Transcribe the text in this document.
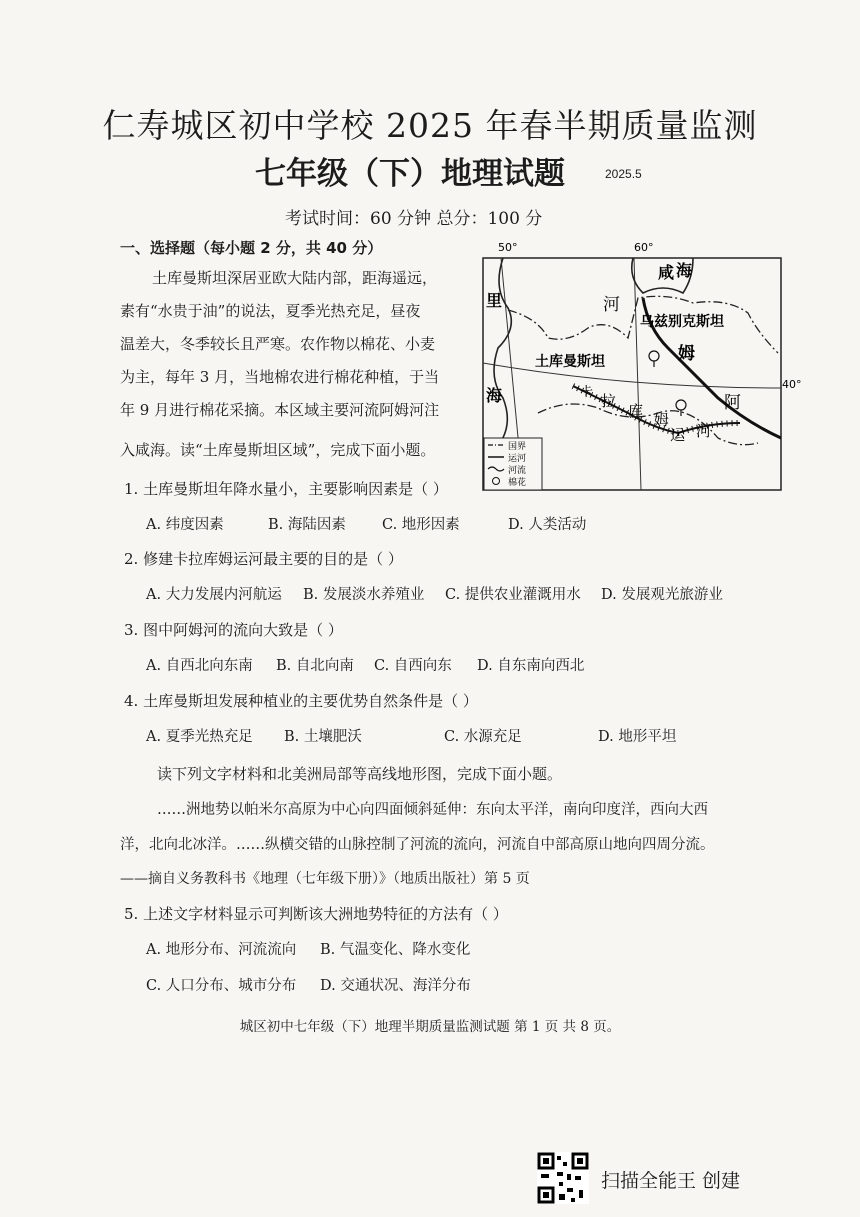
仁寿城区初中学校 2025 年春半期质量监测
七年级（下）地理试题	2025.5
考试时间：60 分钟 总分：100 分
一、选择题（每小题 2 分，共 40 分）
土库曼斯坦深居亚欧大陆内部，距海遥远，
素有“水贵于油”的说法，夏季光热充足，昼夜
温差大，冬季较长且严寒。农作物以棉花、小麦
为主，每年 3 月，当地棉农进行棉花种植，于当
年 9 月进行棉花采摘。本区域主要河流阿姆河注
入咸海。读“土库曼斯坦区域”，完成下面小题。
50°	60°
40°
咸 海
乌兹别克斯坦
河
姆
土库曼斯坦
里
海	卡 拉
库 姆
运 河
阿
国界
运河
河流
棉花
1. 土库曼斯坦年降水量小，主要影响因素是（ ）
A. 纬度因素	B. 海陆因素 C. 地形因素	D. 人类活动
2. 修建卡拉库姆运河最主要的目的是（ ）
A. 大力发展内河航运 B. 发展淡水养殖业 C. 提供农业灌溉用水 D. 发展观光旅游业
3. 图中阿姆河的流向大致是（ ）
A. 自西北向东南 B. 自北向南 C. 自西向东 D. 自东南向西北
4. 土库曼斯坦发展种植业的主要优势自然条件是（ ）
A. 夏季光热充足 B. 土壤肥沃	C. 水源充足	D. 地形平坦
读下列文字材料和北美洲局部等高线地形图，完成下面小题。
……洲地势以帕米尔高原为中心向四面倾斜延伸：东向太平洋，南向印度洋，西向大西
洋，北向北冰洋。……纵横交错的山脉控制了河流的流向，河流自中部高原山地向四周分流。
——摘自义务教科书《地理（七年级下册）》（地质出版社）第 5 页
5. 上述文字材料显示可判断该大洲地势特征的方法有（ ）
A. 地形分布、河流流向 B. 气温变化、降水变化
C. 人口分布、城市分布 D. 交通状况、海洋分布
城区初中七年级（下）地理半期质量监测试题 第 1 页 共 8 页。
扫描全能王 创建
